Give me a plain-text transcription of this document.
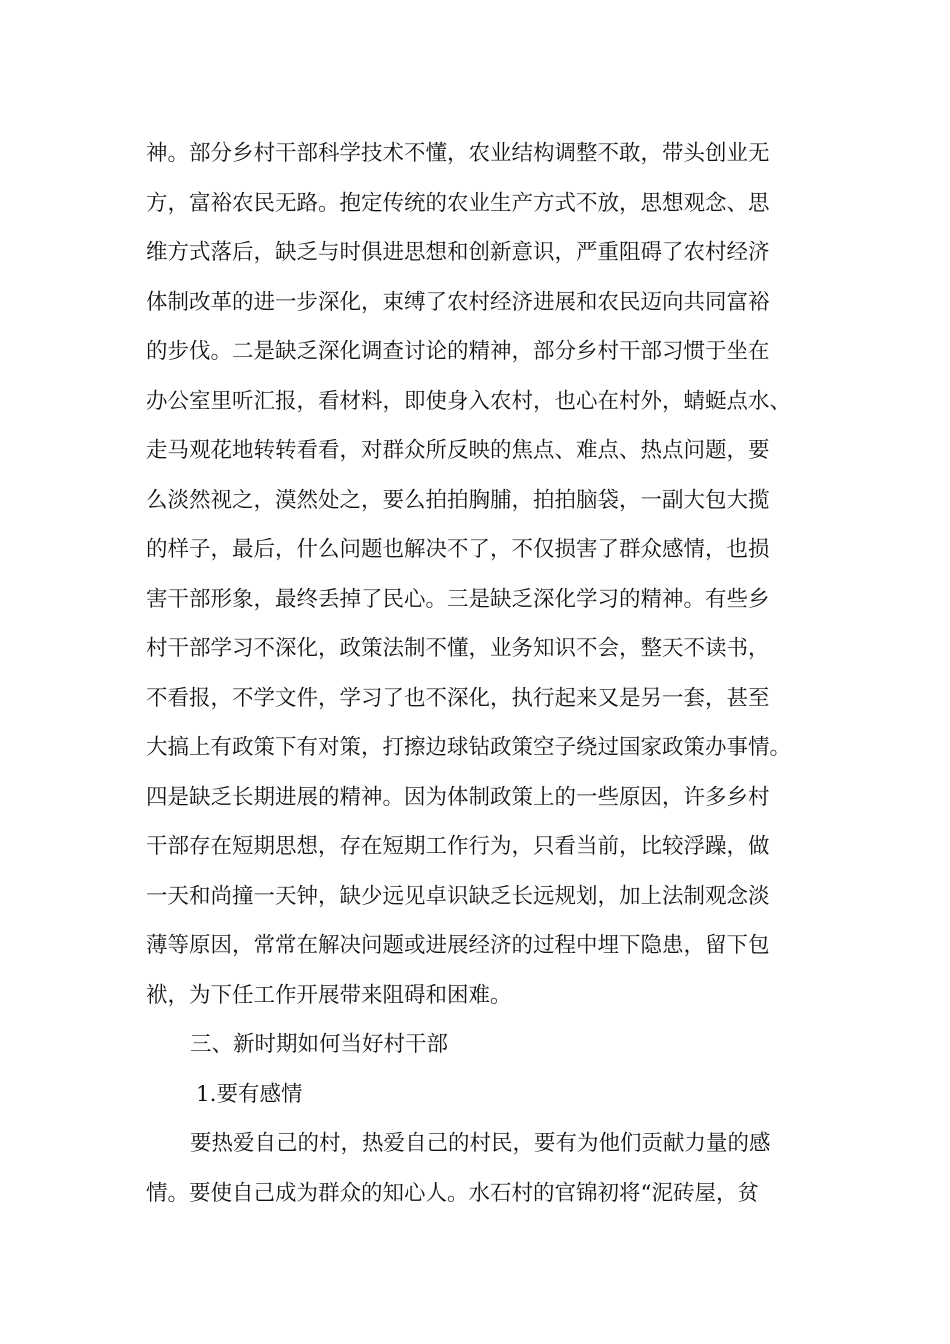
神。部分乡村干部科学技术不懂，农业结构调整不敢，带头创业无
方，富裕农民无路。抱定传统的农业生产方式不放，思想观念、思
维方式落后，缺乏与时俱进思想和创新意识，严重阻碍了农村经济
体制改革的进一步深化，束缚了农村经济进展和农民迈向共同富裕
的步伐。二是缺乏深化调查讨论的精神，部分乡村干部习惯于坐在
办公室里听汇报，看材料，即使身入农村，也心在村外，蜻蜓点水、
走马观花地转转看看，对群众所反映的焦点、难点、热点问题，要
么淡然视之，漠然处之，要么拍拍胸脯，拍拍脑袋，一副大包大揽
的样子，最后，什么问题也解决不了，不仅损害了群众感情，也损
害干部形象，最终丢掉了民心。三是缺乏深化学习的精神。有些乡
村干部学习不深化，政策法制不懂，业务知识不会，整天不读书，
不看报，不学文件，学习了也不深化，执行起来又是另一套，甚至
大搞上有政策下有对策，打擦边球钻政策空子绕过国家政策办事情。
四是缺乏长期进展的精神。因为体制政策上的一些原因，许多乡村
干部存在短期思想，存在短期工作行为，只看当前，比较浮躁，做
一天和尚撞一天钟，缺少远见卓识缺乏长远规划，加上法制观念淡
薄等原因，常常在解决问题或进展经济的过程中埋下隐患，留下包
袱，为下任工作开展带来阻碍和困难。
三、新时期如何当好村干部
1.要有感情
要热爱自己的村，热爱自己的村民，要有为他们贡献力量的感
情。要使自己成为群众的知心人。水石村的官锦初将“泥砖屋，贫
